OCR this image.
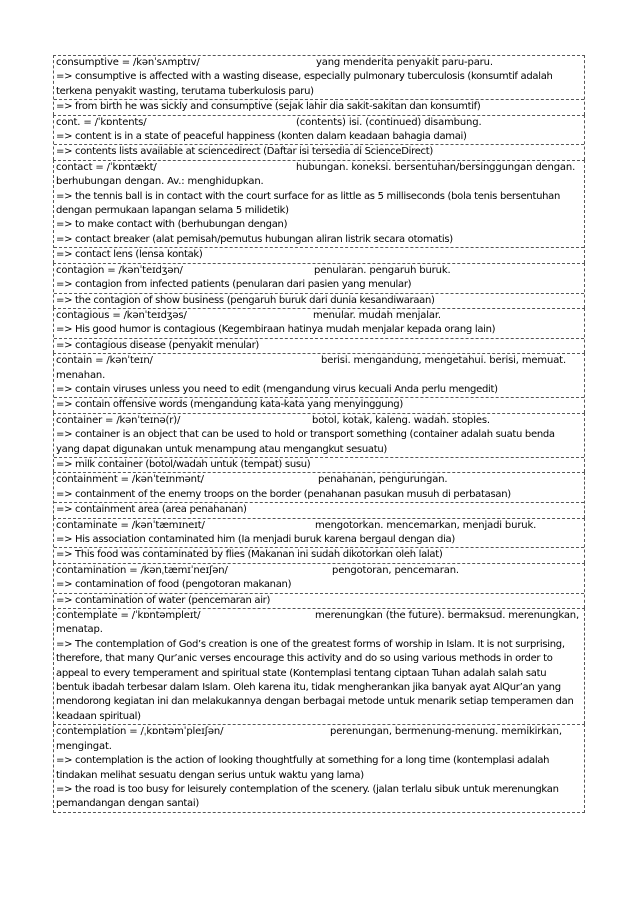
consumptive = /kənˈsʌmptɪv/	yang menderita penyakit paru-paru.
=> consumptive is affected with a wasting disease, especially pulmonary tuberculosis (konsumtif adalah
terkena penyakit wasting, terutama tuberkulosis paru)
=> from birth he was sickly and consumptive (sejak lahir dia sakit-sakitan dan konsumtif)
cont. = /ˈkɒntents/	(contents) isi. (continued) disambung.
=> content is in a state of peaceful happiness (konten dalam keadaan bahagia damai)
=> contents lists available at sciencedirect (Daftar isi tersedia di ScienceDirect)
contact = /ˈkɒntækt/	hubungan. koneksi. bersentuhan/bersinggungan dengan.
berhubungan dengan. Av.: menghidupkan.
=> the tennis ball is in contact with the court surface for as little as 5 milliseconds (bola tenis bersentuhan
dengan permukaan lapangan selama 5 milidetik)
=> to make contact with (berhubungan dengan)
=> contact breaker (alat pemisah/pemutus hubungan aliran listrik secara otomatis)
=> contact lens (lensa kontak)
contagion = /kənˈteɪdʒən/	penularan. pengaruh buruk.
=> contagion from infected patients (penularan dari pasien yang menular)
=> the contagion of show business (pengaruh buruk dari dunia kesandiwaraan)
contagious = /kənˈteɪdʒəs/	menular. mudah menjalar.
=> His good humor is contagious (Kegembiraan hatinya mudah menjalar kepada orang lain)
=> contagious disease (penyakit menular)
contain = /kənˈteɪn/	berisi. mengandung, mengetahui. berisi, memuat.
menahan.
=> contain viruses unless you need to edit (mengandung virus kecuali Anda perlu mengedit)
=> contain offensive words (mengandung kata-kata yang menyinggung)
container = /kənˈteɪnə(r)/	botol, kotak, kaleng. wadah. stoples.
=> container is an object that can be used to hold or transport something (container adalah suatu benda
yang dapat digunakan untuk menampung atau mengangkut sesuatu)
=> milk container (botol/wadah untuk (tempat) susu)
containment = /kənˈteɪnmənt/	penahanan, pengurungan.
=> containment of the enemy troops on the border (penahanan pasukan musuh di perbatasan)
=> containment area (area penahanan)
contaminate = /kənˈtæmɪneɪt/	mengotorkan. mencemarkan, menjadi buruk.
=> His association contaminated him (Ia menjadi buruk karena bergaul dengan dia)
=> This food was contaminated by flies (Makanan ini sudah dikotorkan oleh lalat)
contamination = /kənˌtæmɪˈneɪʃən/	pengotoran, pencemaran.
=> contamination of food (pengotoran makanan)
=> contamination of water (pencemaran air)
contemplate = /ˈkɒntəmpleɪt/	merenungkan (the future). bermaksud. merenungkan,
menatap.
=> The contemplation of God’s creation is one of the greatest forms of worship in Islam. It is not surprising,
therefore, that many Qur’anic verses encourage this activity and do so using various methods in order to
appeal to every temperament and spiritual state (Kontemplasi tentang ciptaan Tuhan adalah salah satu
bentuk ibadah terbesar dalam Islam. Oleh karena itu, tidak mengherankan jika banyak ayat AlQur’an yang
mendorong kegiatan ini dan melakukannya dengan berbagai metode untuk menarik setiap temperamen dan
keadaan spiritual)
contemplation = /ˌkɒntəmˈpleɪʃən/	perenungan, bermenung-menung. memikirkan,
mengingat.
=> contemplation is the action of looking thoughtfully at something for a long time (kontemplasi adalah
tindakan melihat sesuatu dengan serius untuk waktu yang lama)
=> the road is too busy for leisurely contemplation of the scenery. (jalan terlalu sibuk untuk merenungkan
pemandangan dengan santai)
